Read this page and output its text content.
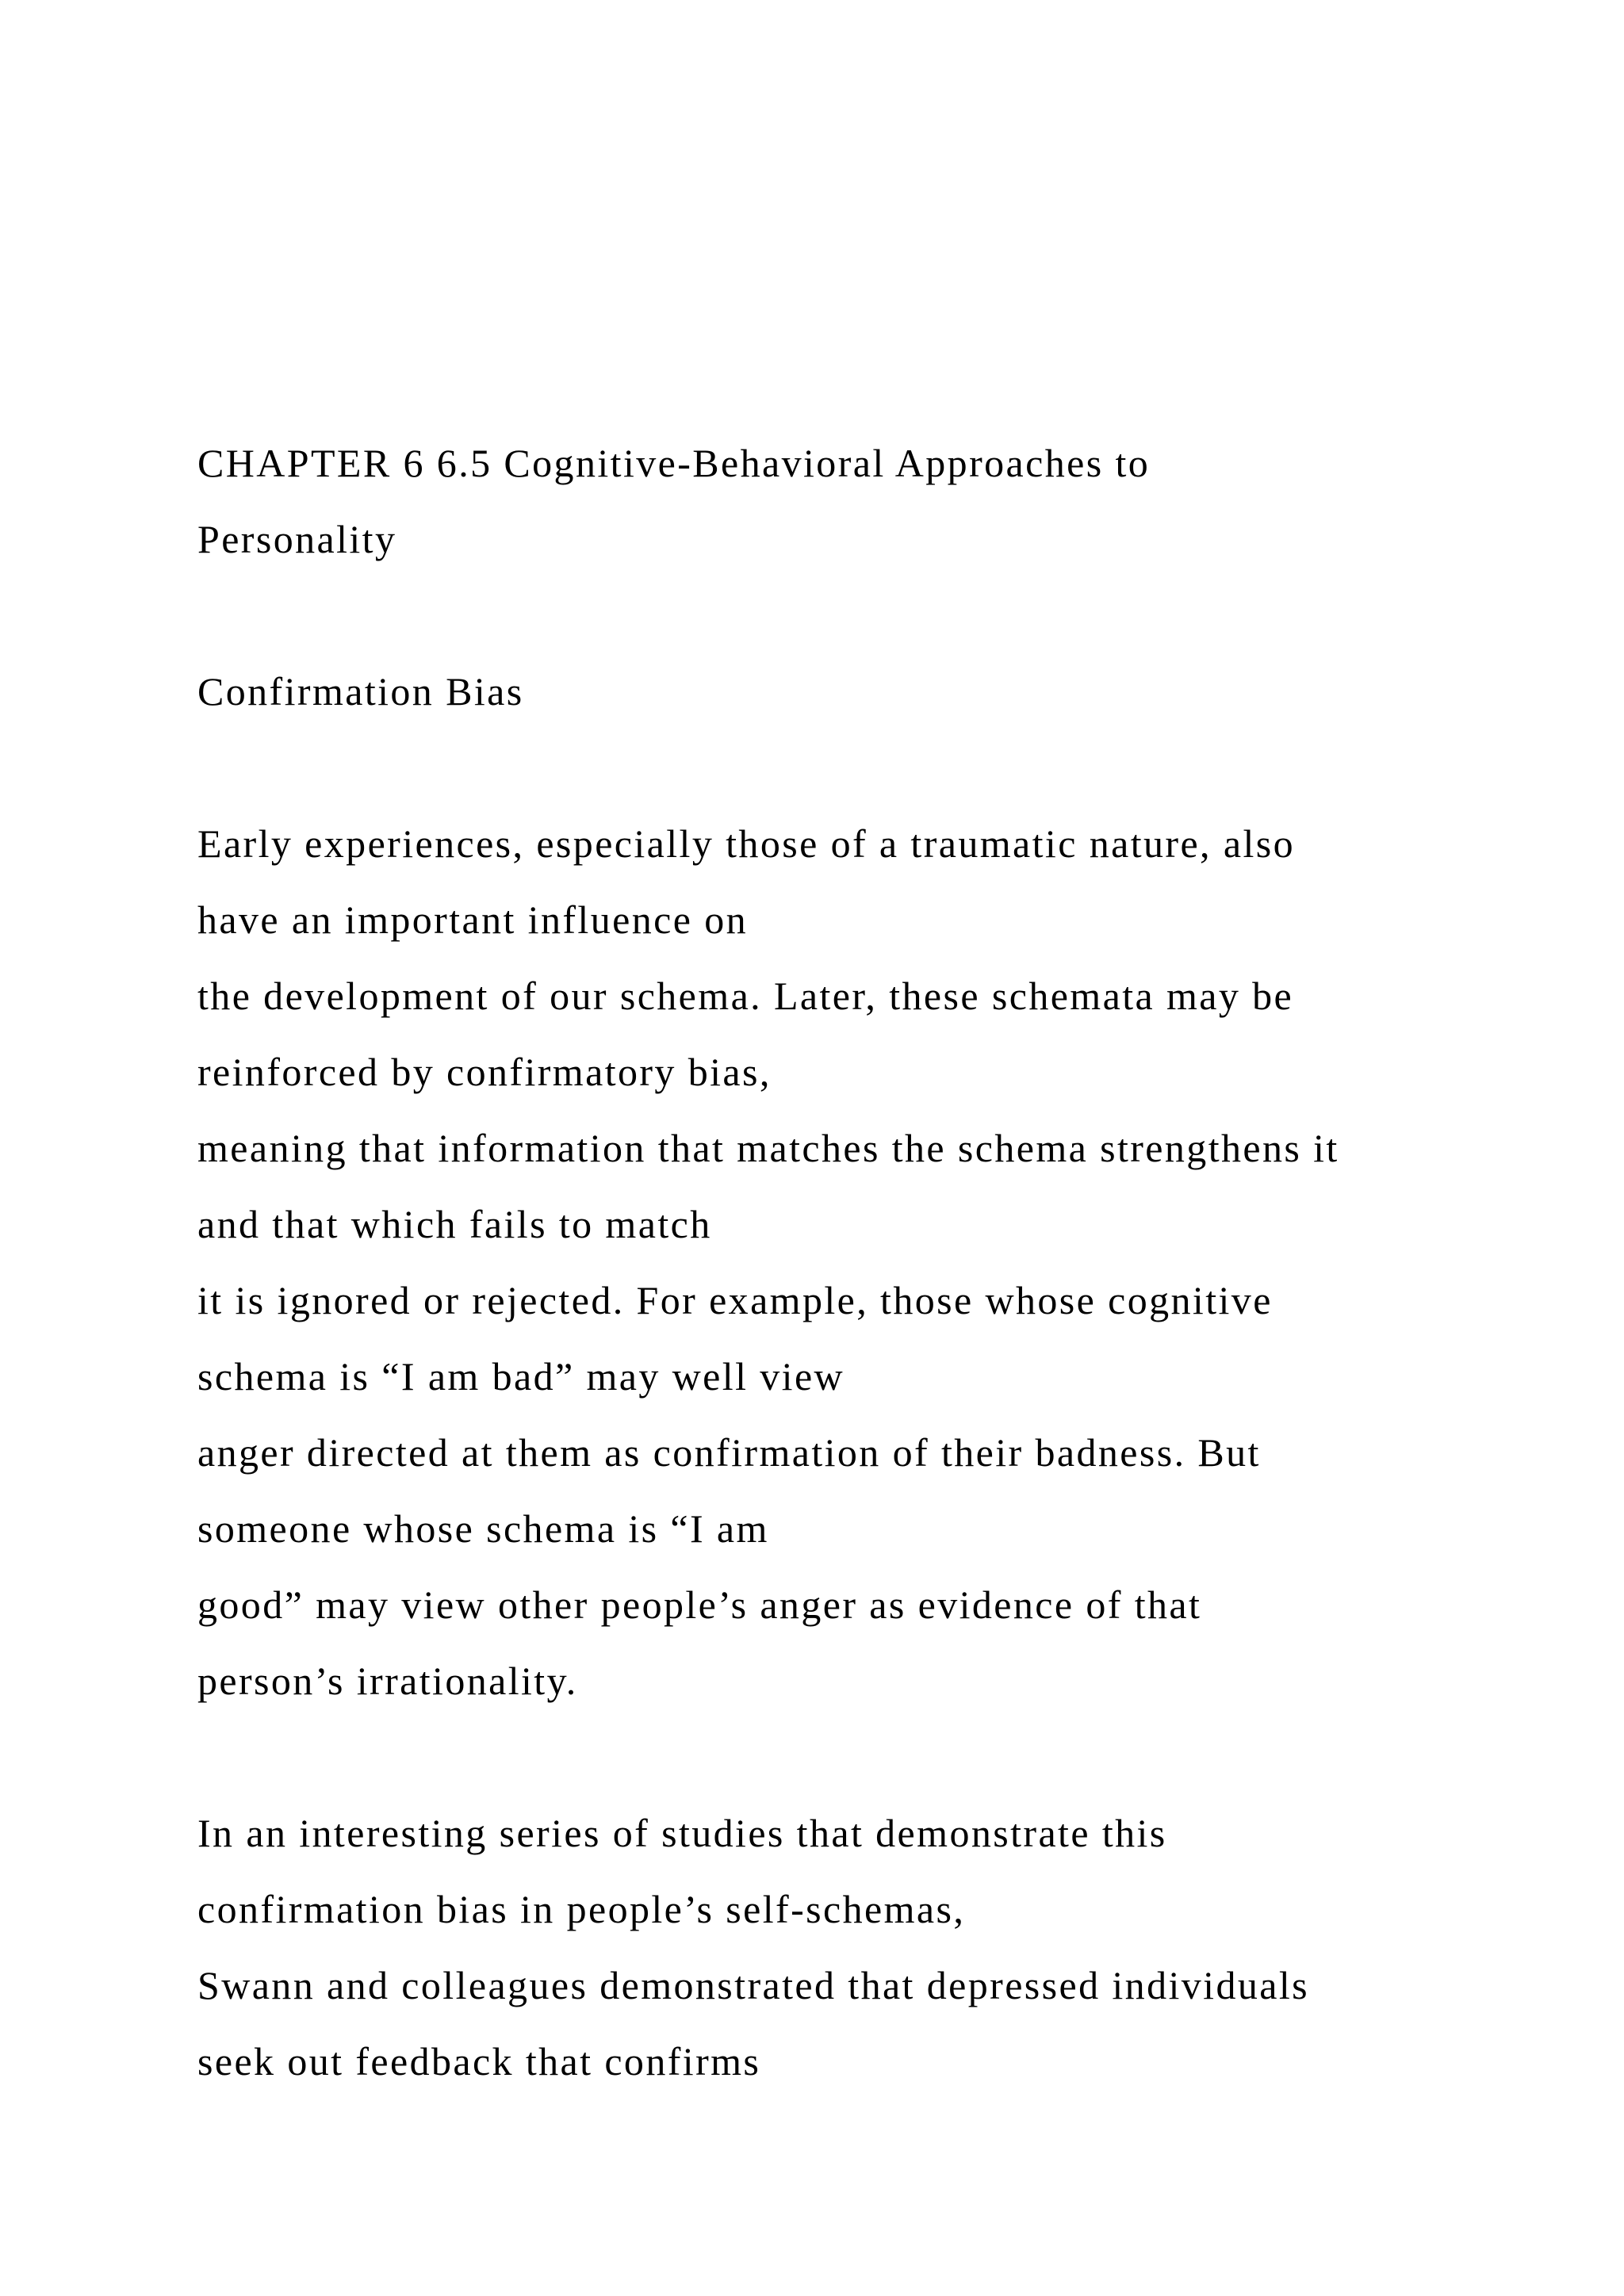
CHAPTER 6 6.5 Cognitive-Behavioral Approaches to
Personality
Confirmation Bias
Early experiences, especially those of a traumatic nature, also
have an important influence on
the development of our schema. Later, these schemata may be
reinforced by confirmatory bias,
meaning that information that matches the schema strengthens it
and that which fails to match
it is ignored or rejected. For example, those whose cognitive
schema is “I am bad” may well view
anger directed at them as confirmation of their badness. But
someone whose schema is “I am
good” may view other people’s anger as evidence of that
person’s irrationality.
In an interesting series of studies that demonstrate this
confirmation bias in people’s self-schemas,
Swann and colleagues demonstrated that depressed individuals
seek out feedback that confirms
